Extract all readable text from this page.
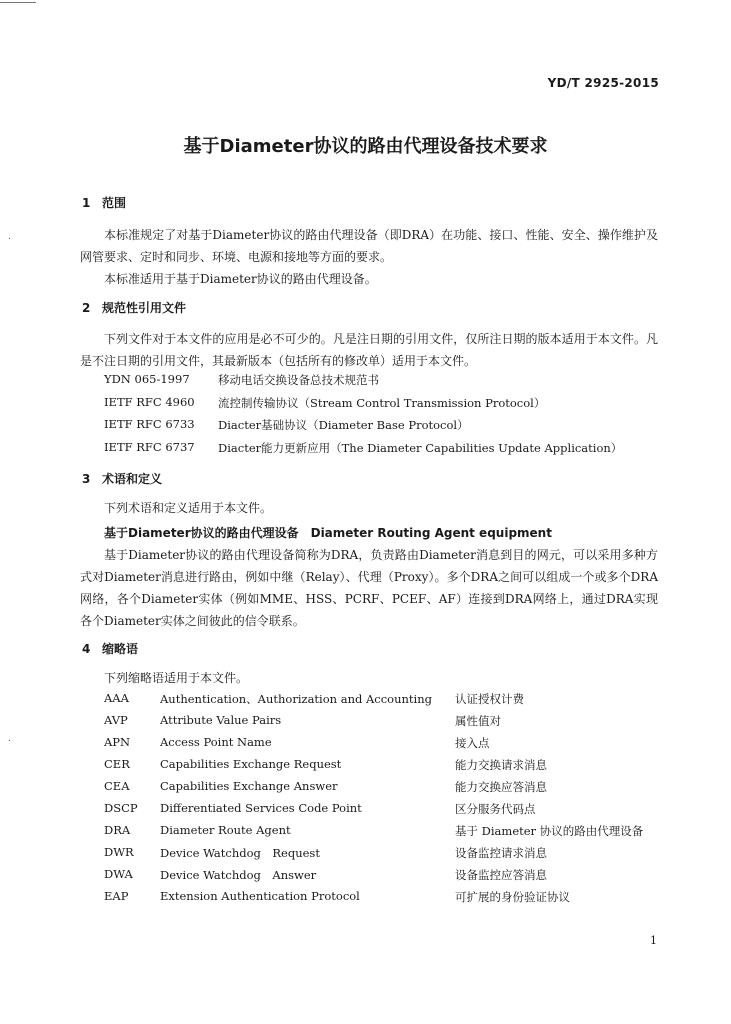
.
.
YD/T 2925-2015
基于Diameter协议的路由代理设备技术要求
1 范围
本标准规定了对基于Diameter协议的路由代理设备（即DRA）在功能、接口、性能、安全、操作维护及网管要求、定时和同步、环境、电源和接地等方面的要求。
本标准适用于基于Diameter协议的路由代理设备。
2 规范性引用文件
下列文件对于本文件的应用是必不可少的。凡是注日期的引用文件，仅所注日期的版本适用于本文件。凡是不注日期的引用文件，其最新版本（包括所有的修改单）适用于本文件。
YDN 065-1997 移动电话交换设备总技术规范书
IETF RFC 4960 流控制传输协议（Stream Control Transmission Protocol）
IETF RFC 6733 Diacter基础协议（Diameter Base Protocol）
IETF RFC 6737 Diacter能力更新应用（The Diameter Capabilities Update Application）
3 术语和定义
下列术语和定义适用于本文件。
基于Diameter协议的路由代理设备　Diameter Routing Agent equipment
基于Diameter协议的路由代理设备简称为DRA，负责路由Diameter消息到目的网元，可以采用多种方式对Diameter消息进行路由，例如中继（Relay）、代理（Proxy）。多个DRA之间可以组成一个或多个DRA网络，各个Diameter实体（例如MME、HSS、PCRF、PCEF、AF）连接到DRA网络上，通过DRA实现各个Diameter实体之间彼此的信令联系。
4 缩略语
下列缩略语适用于本文件。
AAA	Authentication、Authorization and Accounting 认证授权计费
AVP	Attribute Value Pairs	属性值对
APN	Access Point Name	接入点
CER	Capabilities Exchange Request	能力交换请求消息
CEA	Capabilities Exchange Answer	能力交换应答消息
DSCP Differentiated Services Code Point	区分服务代码点
DRA	Diameter Route Agent	基于 Diameter 协议的路由代理设备
DWR Device Watchdog　Request	设备监控请求消息
DWA Device Watchdog　Answer	设备监控应答消息
EAP	Extension Authentication Protocol	可扩展的身份验证协议
1
